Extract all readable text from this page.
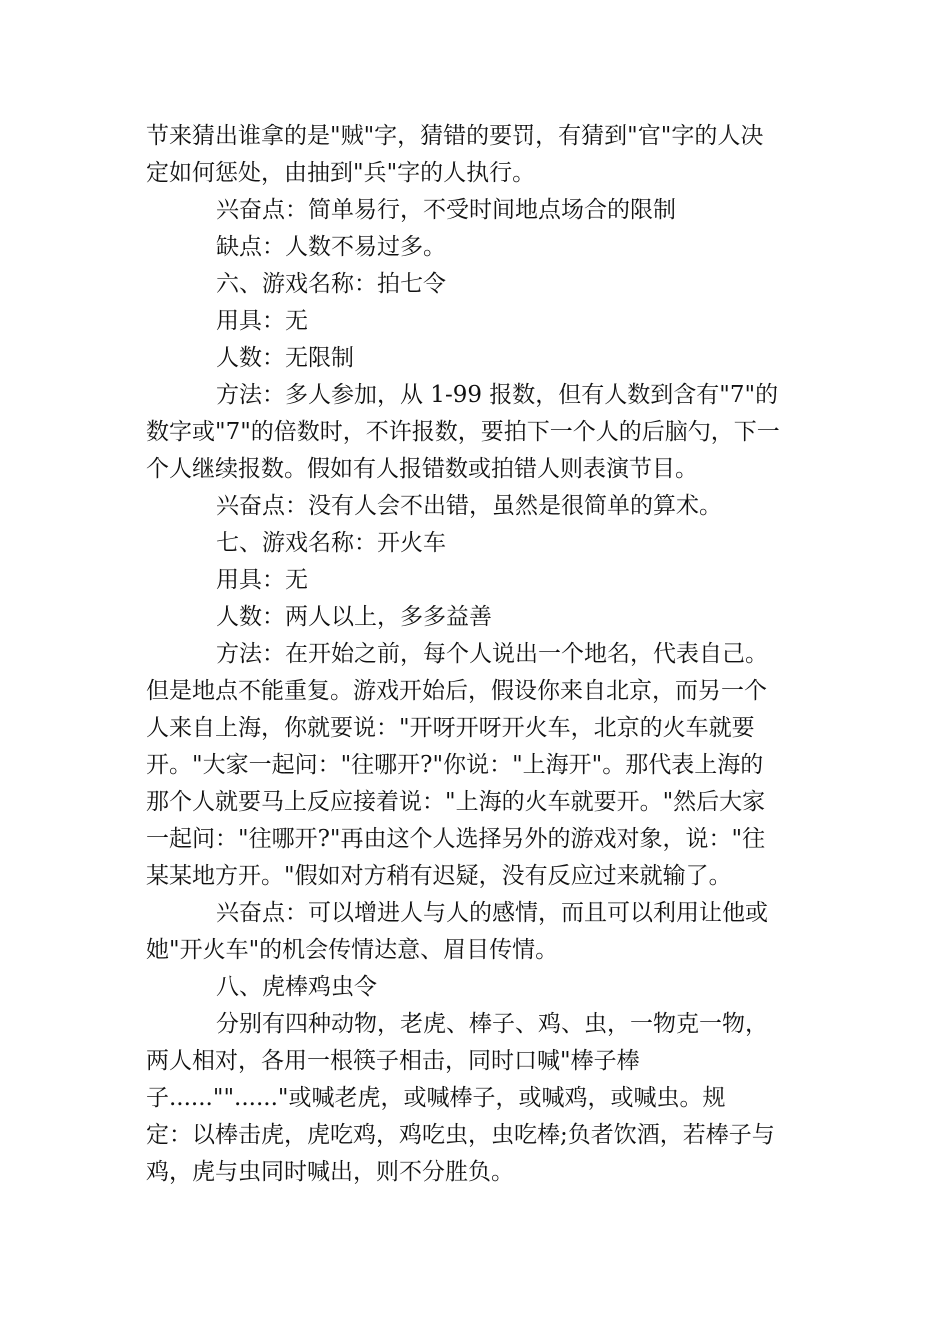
节来猜出谁拿的是"贼"字，猜错的要罚，有猜到"官"字的人决
定如何惩处，由抽到"兵"字的人执行。
兴奋点：简单易行，不受时间地点场合的限制
缺点：人数不易过多。
六、游戏名称：拍七令
用具：无
人数：无限制
方法：多人参加，从 1-99 报数，但有人数到含有"7"的
数字或"7"的倍数时，不许报数，要拍下一个人的后脑勺，下一
个人继续报数。假如有人报错数或拍错人则表演节目。
兴奋点：没有人会不出错，虽然是很简单的算术。
七、游戏名称：开火车
用具：无
人数：两人以上，多多益善
方法：在开始之前，每个人说出一个地名，代表自己。
但是地点不能重复。游戏开始后，假设你来自北京，而另一个
人来自上海，你就要说："开呀开呀开火车，北京的火车就要
开。"大家一起问："往哪开?"你说："上海开"。那代表上海的
那个人就要马上反应接着说："上海的火车就要开。"然后大家
一起问："往哪开?"再由这个人选择另外的游戏对象，说："往
某某地方开。"假如对方稍有迟疑，没有反应过来就输了。
兴奋点：可以增进人与人的感情，而且可以利用让他或
她"开火车"的机会传情达意、眉目传情。
八、虎棒鸡虫令
分别有四种动物，老虎、棒子、鸡、虫，一物克一物，
两人相对，各用一根筷子相击，同时口喊"棒子棒
子......""......"或喊老虎，或喊棒子，或喊鸡，或喊虫。规
定：以棒击虎，虎吃鸡，鸡吃虫，虫吃棒;负者饮酒，若棒子与
鸡，虎与虫同时喊出，则不分胜负。
